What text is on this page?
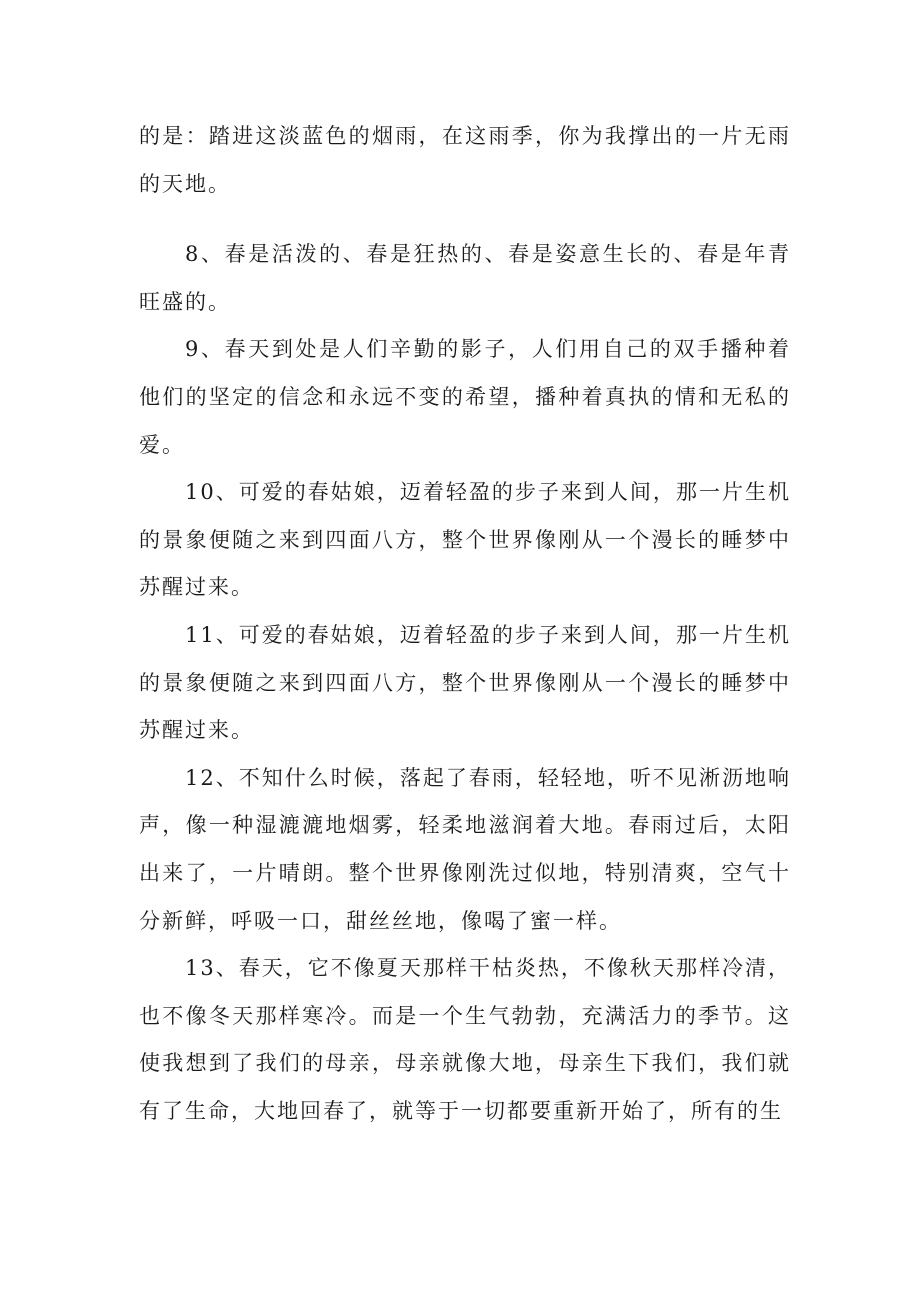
的是：踏进这淡蓝色的烟雨，在这雨季，你为我撑出的一片无雨的天地。

8、春是活泼的、春是狂热的、春是姿意生长的、春是年青旺盛的。

9、春天到处是人们辛勤的影子，人们用自己的双手播种着他们的坚定的信念和永远不变的希望，播种着真执的情和无私的爱。

10、可爱的春姑娘，迈着轻盈的步子来到人间，那一片生机的景象便随之来到四面八方，整个世界像刚从一个漫长的睡梦中苏醒过来。

11、可爱的春姑娘，迈着轻盈的步子来到人间，那一片生机的景象便随之来到四面八方，整个世界像刚从一个漫长的睡梦中苏醒过来。

12、不知什么时候，落起了春雨，轻轻地，听不见淅沥地响声，像一种湿漉漉地烟雾，轻柔地滋润着大地。春雨过后，太阳出来了，一片晴朗。整个世界像刚洗过似地，特别清爽，空气十分新鲜，呼吸一口，甜丝丝地，像喝了蜜一样。

13、春天，它不像夏天那样干枯炎热，不像秋天那样冷清，也不像冬天那样寒冷。而是一个生气勃勃，充满活力的季节。这使我想到了我们的母亲，母亲就像大地，母亲生下我们，我们就有了生命，大地回春了，就等于一切都要重新开始了，所有的生
